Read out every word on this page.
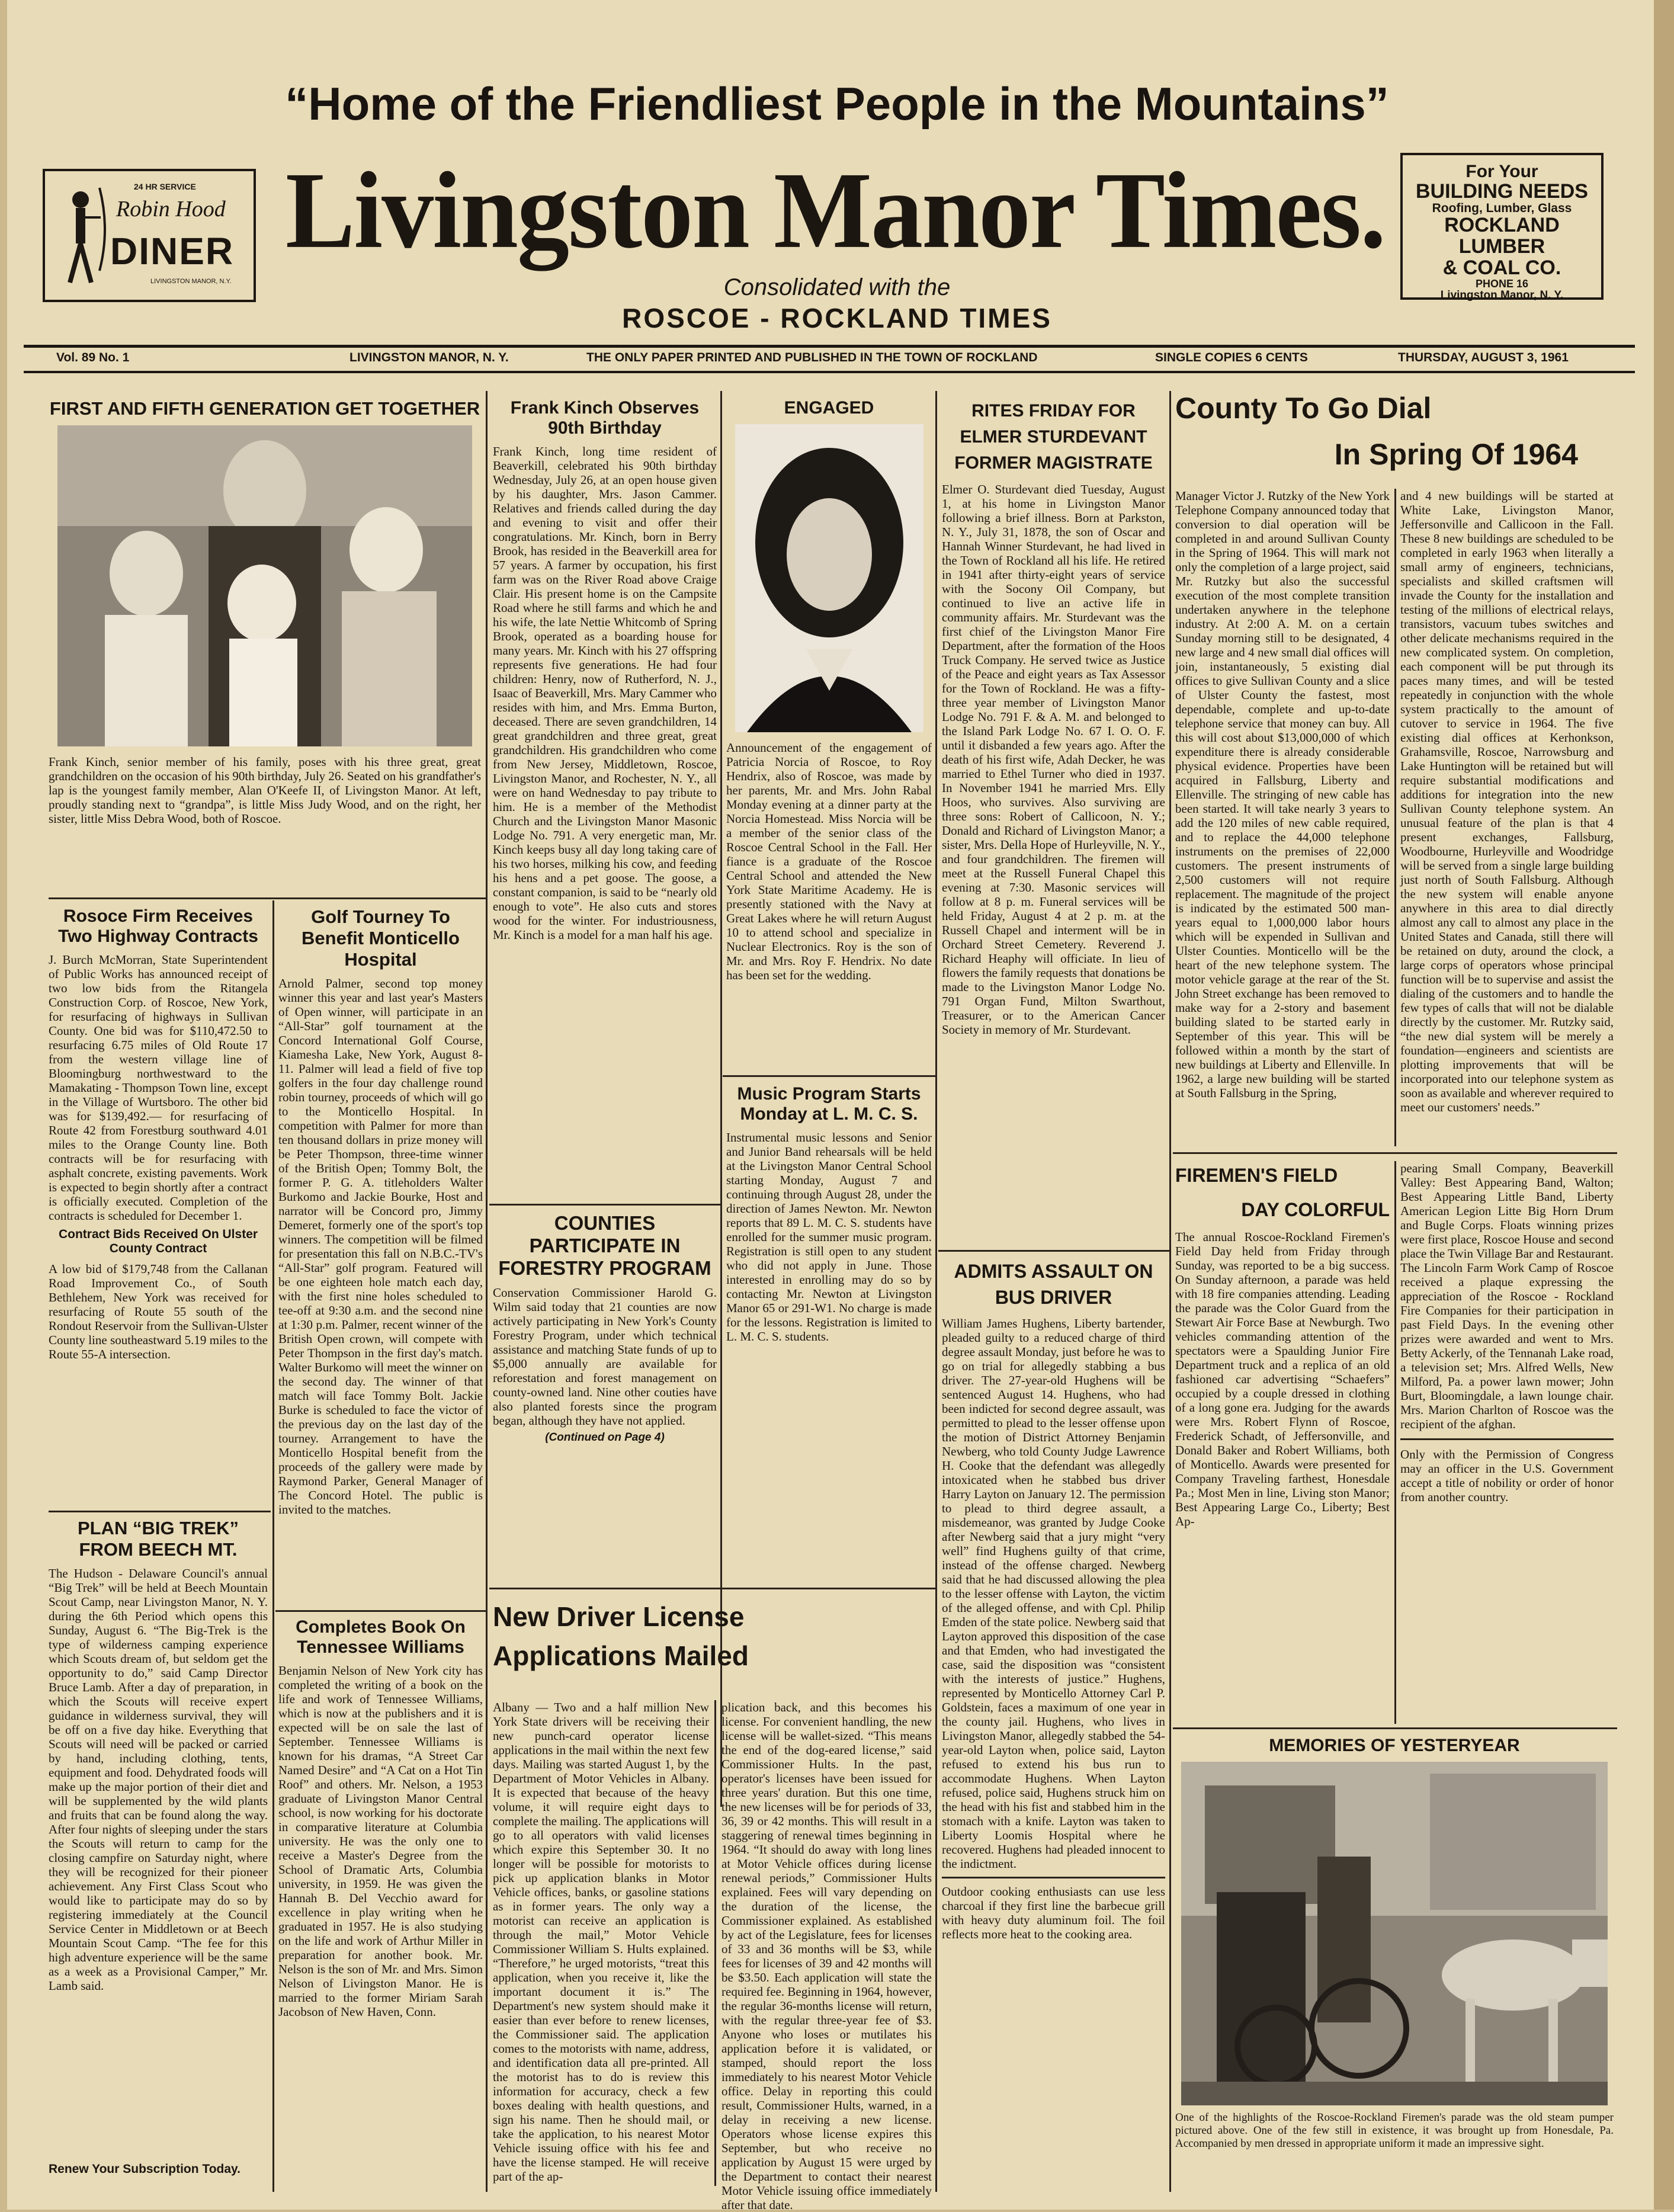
“Home of the Friendliest People in the Mountains”
24 HR SERVICE
Robin Hood
DINER
LIVINGSTON MANOR, N.Y.
Livingston Manor Times.	For Your
BUILDING NEEDS
Roofing, Lumber, Glass
ROCKLAND LUMBER
& COAL CO.
PHONE 16
Livingston Manor, N. Y.
Consolidated with the
ROSCOE - ROCKLAND TIMES
Vol. 89 No. 1	LIVINGSTON MANOR, N. Y.	THE ONLY PAPER PRINTED AND PUBLISHED IN THE TOWN OF ROCKLAND	SINGLE COPIES 6 CENTS	THURSDAY, AUGUST 3, 1961
FIRST AND FIFTH GENERATION GET TOGETHER
Frank Kinch, senior member of his family, poses with his three great, great grandchildren on the occasion of his 90th birthday, July 26. Seated on his grandfather's lap is the youngest family member, Alan O'Keefe II, of Livingston Manor. At left, proudly standing next to “grandpa”, is little Miss Judy Wood, and on the right, her sister, little Miss Debra Wood, both of Roscoe.
Rosoce Firm Receives Two Highway Contracts

J. Burch McMorran, State Superintendent of Public Works has announced receipt of two low bids from the Ritangela Construction Corp. of Roscoe, New York, for resurfacing of highways in Sullivan County. One bid was for $110,472.50 to resurfacing 6.75 miles of Old Route 17 from the western village line of Bloomingburg northwestward to the Mamakating - Thompson Town line, except in the Village of Wurtsboro. The other bid was for $139,492.— for resurfacing of Route 42 from Forestburg southward 4.01 miles to the Orange County line. Both contracts will be for resurfacing with asphalt concrete, existing pavements. Work is expected to begin shortly after a contract is officially executed. Completion of the contracts is scheduled for December 1.

Contract Bids Received On Ulster County Contract

A low bid of $179,748 from the Callanan Road Improvement Co., of South Bethlehem, New York was received for resurfacing of Route 55 south of the Rondout Reservoir from the Sullivan-Ulster County line southeastward 5.19 miles to the Route 55-A intersection.

PLAN “BIG TREK” FROM BEECH MT.

The Hudson - Delaware Council's annual “Big Trek” will be held at Beech Mountain Scout Camp, near Livingston Manor, N. Y. during the 6th Period which opens this Sunday, August 6. “The Big-Trek is the type of wilderness camping experience which Scouts dream of, but seldom get the opportunity to do,” said Camp Director Bruce Lamb. After a day of preparation, in which the Scouts will receive expert guidance in wilderness survival, they will be off on a five day hike. Everything that Scouts will need will be packed or carried by hand, including clothing, tents, equipment and food. Dehydrated foods will make up the major portion of their diet and will be supplemented by the wild plants and fruits that can be found along the way. After four nights of sleeping under the stars the Scouts will return to camp for the closing campfire on Saturday night, where they will be recognized for their pioneer achievement. Any First Class Scout who would like to participate may do so by registering immediately at the Council Service Center in Middletown or at Beech Mountain Scout Camp. “The fee for this high adventure experience will be the same as a week as a Provisional Camper,” Mr. Lamb said.

Renew Your Subscription Today.
Golf Tourney To Benefit Monticello Hospital

Arnold Palmer, second top money winner this year and last year's Masters of Open winner, will participate in an “All-Star” golf tournament at the Concord International Golf Course, Kiamesha Lake, New York, August 8-11. Palmer will lead a field of five top golfers in the four day challenge round robin tourney, proceeds of which will go to the Monticello Hospital. In competition with Palmer for more than ten thousand dollars in prize money will be Peter Thompson, three-time winner of the British Open; Tommy Bolt, the former P. G. A. titleholders Walter Burkomo and Jackie Bourke, Host and narrator will be Concord pro, Jimmy Demeret, formerly one of the sport's top winners. The competition will be filmed for presentation this fall on N.B.C.-TV's “All-Star” golf program. Featured will be one eighteen hole match each day, with the first nine holes scheduled to tee-off at 9:30 a.m. and the second nine at 1:30 p.m. Palmer, recent winner of the British Open crown, will compete with Peter Thompson in the first day's match. Walter Burkomo will meet the winner on the second day. The winner of that match will face Tommy Bolt. Jackie Burke is scheduled to face the victor of the previous day on the last day of the tourney. Arrangement to have the Monticello Hospital benefit from the proceeds of the gallery were made by Raymond Parker, General Manager of The Concord Hotel. The public is invited to the matches.

Completes Book On Tennessee Williams

Benjamin Nelson of New York city has completed the writing of a book on the life and work of Tennessee Williams, which is now at the publishers and it is expected will be on sale the last of September. Tennessee Williams is known for his dramas, “A Street Car Named Desire” and “A Cat on a Hot Tin Roof” and others. Mr. Nelson, a 1953 graduate of Livingston Manor Central school, is now working for his doctorate in comparative literature at Columbia university. He was the only one to receive a Master's Degree from the School of Dramatic Arts, Columbia university, in 1959. He was given the Hannah B. Del Vecchio award for excellence in play writing when he graduated in 1957. He is also studying on the life and work of Arthur Miller in preparation for another book. Mr. Nelson is the son of Mr. and Mrs. Simon Nelson of Livingston Manor. He is married to the former Miriam Sarah Jacobson of New Haven, Conn.

Frank Kinch Observes 90th Birthday

Frank Kinch, long time resident of Beaverkill, celebrated his 90th birthday Wednesday, July 26, at an open house given by his daughter, Mrs. Jason Cammer. Relatives and friends called during the day and evening to visit and offer their congratulations. Mr. Kinch, born in Berry Brook, has resided in the Beaverkill area for 57 years. A farmer by occupation, his first farm was on the River Road above Craige Clair. His present home is on the Campsite Road where he still farms and which he and his wife, the late Nettie Whitcomb of Spring Brook, operated as a boarding house for many years. Mr. Kinch with his 27 offspring represents five generations. He had four children: Henry, now of Rutherford, N. J., Isaac of Beaverkill, Mrs. Mary Cammer who resides with him, and Mrs. Emma Burton, deceased. There are seven grandchildren, 14 great grandchildren and three great, great grandchildren. His grandchildren who come from New Jersey, Middletown, Roscoe, Livingston Manor, and Rochester, N. Y., all were on hand Wednesday to pay tribute to him. He is a member of the Methodist Church and the Livingston Manor Masonic Lodge No. 791. A very energetic man, Mr. Kinch keeps busy all day long taking care of his two horses, milking his cow, and feeding his hens and a pet goose. The goose, a constant companion, is said to be “nearly old enough to vote”. He also cuts and stores wood for the winter. For industriousness, Mr. Kinch is a model for a man half his age.

COUNTIES PARTICIPATE IN FORESTRY PROGRAM

Conservation Commissioner Harold G. Wilm said today that 21 counties are now actively participating in New York's County Forestry Program, under which technical assistance and matching State funds of up to $5,000 annually are available for reforestation and forest management on county-owned land. Nine other couties have also planted forests since the program began, although they have not applied.

(Continued on Page 4)
ENGAGED

Announcement of the engagement of Patricia Norcia of Roscoe, to Roy Hendrix, also of Roscoe, was made by her parents, Mr. and Mrs. John Rabal Monday evening at a dinner party at the Norcia Homestead. Miss Norcia will be a member of the senior class of the Roscoe Central School in the Fall. Her fiance is a graduate of the Roscoe Central School and attended the New York State Maritime Academy. He is presently stationed with the Navy at Great Lakes where he will return August 10 to attend school and specialize in Nuclear Electronics. Roy is the son of Mr. and Mrs. Roy F. Hendrix. No date has been set for the wedding.

Music Program Starts Monday at L. M. C. S.

Instrumental music lessons and Senior and Junior Band rehearsals will be held at the Livingston Manor Central School starting Monday, August 7 and continuing through August 28, under the direction of James Newton. Mr. Newton reports that 89 L. M. C. S. students have enrolled for the summer music program. Registration is still open to any student who did not apply in June. Those interested in enrolling may do so by contacting Mr. Newton at Livingston Manor 65 or 291-W1. No charge is made for the lessons. Registration is limited to L. M. C. S. students.

New Driver License Applications Mailed

Albany — Two and a half million New York State drivers will be receiving their new punch-card operator license applications in the mail within the next few days. Mailing was started August 1, by the Department of Motor Vehicles in Albany. It is expected that because of the heavy volume, it will require eight days to complete the mailing. The applications will go to all operators with valid licenses which expire this September 30. It no longer will be possible for motorists to pick up application blanks in Motor Vehicle offices, banks, or gasoline stations as in former years. The only way a motorist can receive an application is through the mail,” Motor Vehicle Commissioner William S. Hults explained. “Therefore,” he urged motorists, “treat this application, when you receive it, like the important document it is.” The Department's new system should make it easier than ever before to renew licenses, the Commissioner said. The application comes to the motorists with name, address, and identification data all pre-printed. All the motorist has to do is review this information for accuracy, check a few boxes dealing with health questions, and sign his name. Then he should mail, or take the application, to his nearest Motor Vehicle issuing office with his fee and have the license stamped. He will receive part of the ap-

plication back, and this becomes his license. For convenient handling, the new license will be wallet-sized. “This means the end of the dog-eared license,” said Commissioner Hults. In the past, operator's licenses have been issued for three years' duration. But this one time, the new licenses will be for periods of 33, 36, 39 or 42 months. This will result in a staggering of renewal times beginning in 1964. “It should do away with long lines at Motor Vehicle offices during license renewal periods,” Commissioner Hults explained. Fees will vary depending on the duration of the license, the Commissioner explained. As established by act of the Legislature, fees for licenses of 33 and 36 months will be $3, while fees for licenses of 39 and 42 months will be $3.50. Each application will state the required fee. Beginning in 1964, however, the regular 36-months license will return, with the regular three-year fee of $3. Anyone who loses or mutilates his application before it is validated, or stamped, should report the loss immediately to his nearest Motor Vehicle office. Delay in reporting this could result, Commissioner Hults, warned, in a delay in receiving a new license. Operators whose license expires this September, but who receive no application by August 15 were urged by the Department to contact their nearest Motor Vehicle issuing office immediately after that date.

RITES FRIDAY FOR ELMER STURDEVANT FORMER MAGISTRATE

Elmer O. Sturdevant died Tuesday, August 1, at his home in Livingston Manor following a brief illness. Born at Parkston, N. Y., July 31, 1878, the son of Oscar and Hannah Winner Sturdevant, he had lived in the Town of Rockland all his life. He retired in 1941 after thirty-eight years of service with the Socony Oil Company, but continued to live an active life in community affairs. Mr. Sturdevant was the first chief of the Livingston Manor Fire Department, after the formation of the Hoos Truck Company. He served twice as Justice of the Peace and eight years as Tax Assessor for the Town of Rockland. He was a fifty-three year member of Livingston Manor Lodge No. 791 F. & A. M. and belonged to the Island Park Lodge No. 67 I. O. O. F. until it disbanded a few years ago. After the death of his first wife, Adah Decker, he was married to Ethel Turner who died in 1937. In November 1941 he married Mrs. Elly Hoos, who survives. Also surviving are three sons: Robert of Callicoon, N. Y.; Donald and Richard of Livingston Manor; a sister, Mrs. Della Hope of Hurleyville, N. Y., and four grandchildren. The firemen will meet at the Russell Funeral Chapel this evening at 7:30. Masonic services will follow at 8 p. m. Funeral services will be held Friday, August 4 at 2 p. m. at the Russell Chapel and interment will be in Orchard Street Cemetery. Reverend J. Richard Heaphy will officiate. In lieu of flowers the family requests that donations be made to the Livingston Manor Lodge No. 791 Organ Fund, Milton Swarthout, Treasurer, or to the American Cancer Society in memory of Mr. Sturdevant.

ADMITS ASSAULT ON BUS DRIVER

William James Hughens, Liberty bartender, pleaded guilty to a reduced charge of third degree assault Monday, just before he was to go on trial for allegedly stabbing a bus driver. The 27-year-old Hughens will be sentenced August 14. Hughens, who had been indicted for second degree assault, was permitted to plead to the lesser offense upon the motion of District Attorney Benjamin Newberg, who told County Judge Lawrence H. Cooke that the defendant was allegedly intoxicated when he stabbed bus driver Harry Layton on January 12. The permission to plead to third degree assault, a misdemeanor, was granted by Judge Cooke after Newberg said that a jury might “very well” find Hughens guilty of that crime, instead of the offense charged. Newberg said that he had discussed allowing the plea to the lesser offense with Layton, the victim of the alleged offense, and with Cpl. Philip Emden of the state police. Newberg said that Layton approved this disposition of the case and that Emden, who had investigated the case, said the disposition was “consistent with the interests of justice.” Hughens, represented by Monticello Attorney Carl P. Goldstein, faces a maximum of one year in the county jail. Hughens, who lives in Livingston Manor, allegedly stabbed the 54-year-old Layton when, police said, Layton refused to extend his bus run to accommodate Hughens. When Layton refused, police said, Hughens struck him on the head with his fist and stabbed him in the stomach with a knife. Layton was taken to Liberty Loomis Hospital where he recovered. Hughens had pleaded innocent to the indictment.

Outdoor cooking enthusiasts can use less charcoal if they first line the barbecue grill with heavy duty aluminum foil. The foil reflects more heat to the cooking area.

County To Go Dial
In Spring Of 1964

Manager Victor J. Rutzky of the New York Telephone Company announced today that conversion to dial operation will be completed in and around Sullivan County in the Spring of 1964. This will mark not only the completion of a large project, said Mr. Rutzky but also the successful execution of the most complete transition undertaken anywhere in the telephone industry. At 2:00 A. M. on a certain Sunday morning still to be designated, 4 new large and 4 new small dial offices will join, instantaneously, 5 existing dial offices to give Sullivan County and a slice of Ulster County the fastest, most dependable, complete and up-to-date telephone service that money can buy. All this will cost about $13,000,000 of which expenditure there is already considerable physical evidence. Properties have been acquired in Fallsburg, Liberty and Ellenville. The stringing of new cable has been started. It will take nearly 3 years to add the 120 miles of new cable required, and to replace the 44,000 telephone instruments on the premises of 22,000 customers. The present instruments of 2,500 customers will not require replacement. The magnitude of the project is indicated by the estimated 500 man-years equal to 1,000,000 labor hours which will be expended in Sullivan and Ulster Counties. Monticello will be the heart of the new telephone system. The motor vehicle garage at the rear of the St. John Street exchange has been removed to make way for a 2-story and basement building slated to be started early in September of this year. This will be followed within a month by the start of new buildings at Liberty and Ellenville. In 1962, a large new building will be started at South Fallsburg in the Spring,

and 4 new buildings will be started at White Lake, Livingston Manor, Jeffersonville and Callicoon in the Fall. These 8 new buildings are scheduled to be completed in early 1963 when literally a small army of engineers, technicians, specialists and skilled craftsmen will invade the County for the installation and testing of the millions of electrical relays, transistors, vacuum tubes switches and other delicate mechanisms required in the new complicated system. On completion, each component will be put through its paces many times, and will be tested repeatedly in conjunction with the whole system practically to the amount of cutover to service in 1964. The five existing dial offices at Kerhonkson, Grahamsville, Roscoe, Narrowsburg and Lake Huntington will be retained but will require substantial modifications and additions for integration into the new Sullivan County telephone system. An unusual feature of the plan is that 4 present exchanges, Fallsburg, Woodbourne, Hurleyville and Woodridge will be served from a single large building just north of South Fallsburg. Although the new system will enable anyone anywhere in this area to dial directly almost any call to almost any place in the United States and Canada, still there will be retained on duty, around the clock, a large corps of operators whose principal function will be to supervise and assist the dialing of the customers and to handle the few types of calls that will not be dialable directly by the customer. Mr. Rutzky said, “the new dial system will be merely a foundation—engineers and scientists are plotting improvements that will be incorporated into our telephone system as soon as available and wherever required to meet our customers' needs.”

FIREMEN'S FIELD
DAY COLORFUL

The annual Roscoe-Rockland Firemen's Field Day held from Friday through Sunday, was reported to be a big success. On Sunday afternoon, a parade was held with 18 fire companies attending. Leading the parade was the Color Guard from the Stewart Air Force Base at Newburgh. Two vehicles commanding attention of the spectators were a Spaulding Junior Fire Department truck and a replica of an old fashioned car advertising “Schaefers” occupied by a couple dressed in clothing of a long gone era. Judging for the awards were Mrs. Robert Flynn of Roscoe, Frederick Schadt, of Jeffersonville, and Donald Baker and Robert Williams, both of Monticello. Awards were presented for Company Traveling farthest, Honesdale Pa.; Most Men in line, Living ston Manor; Best Appearing Large Co., Liberty; Best Ap-

pearing Small Company, Beaverkill Valley: Best Appearing Band, Walton; Best Appearing Little Band, Liberty American Legion Litte Big Horn Drum and Bugle Corps. Floats winning prizes were first place, Roscoe House and second place the Twin Village Bar and Restaurant. The Lincoln Farm Work Camp of Roscoe received a plaque expressing the appreciation of the Roscoe - Rockland Fire Companies for their participation in past Field Days. In the evening other prizes were awarded and went to Mrs. Betty Ackerly, of the Tennanah Lake road, a television set; Mrs. Alfred Wells, New Milford, Pa. a power lawn mower; John Burt, Bloomingdale, a lawn lounge chair. Mrs. Marion Charlton of Roscoe was the recipient of the afghan.

Only with the Permission of Congress may an officer in the U.S. Government accept a title of nobility or order of honor from another country.

MEMORIES OF YESTERYEAR
One of the highlights of the Roscoe-Rockland Firemen's parade was the old steam pumper pictured above. One of the few still in existence, it was brought up from Honesdale, Pa. Accompanied by men dressed in appropriate uniform it made an impressive sight.
